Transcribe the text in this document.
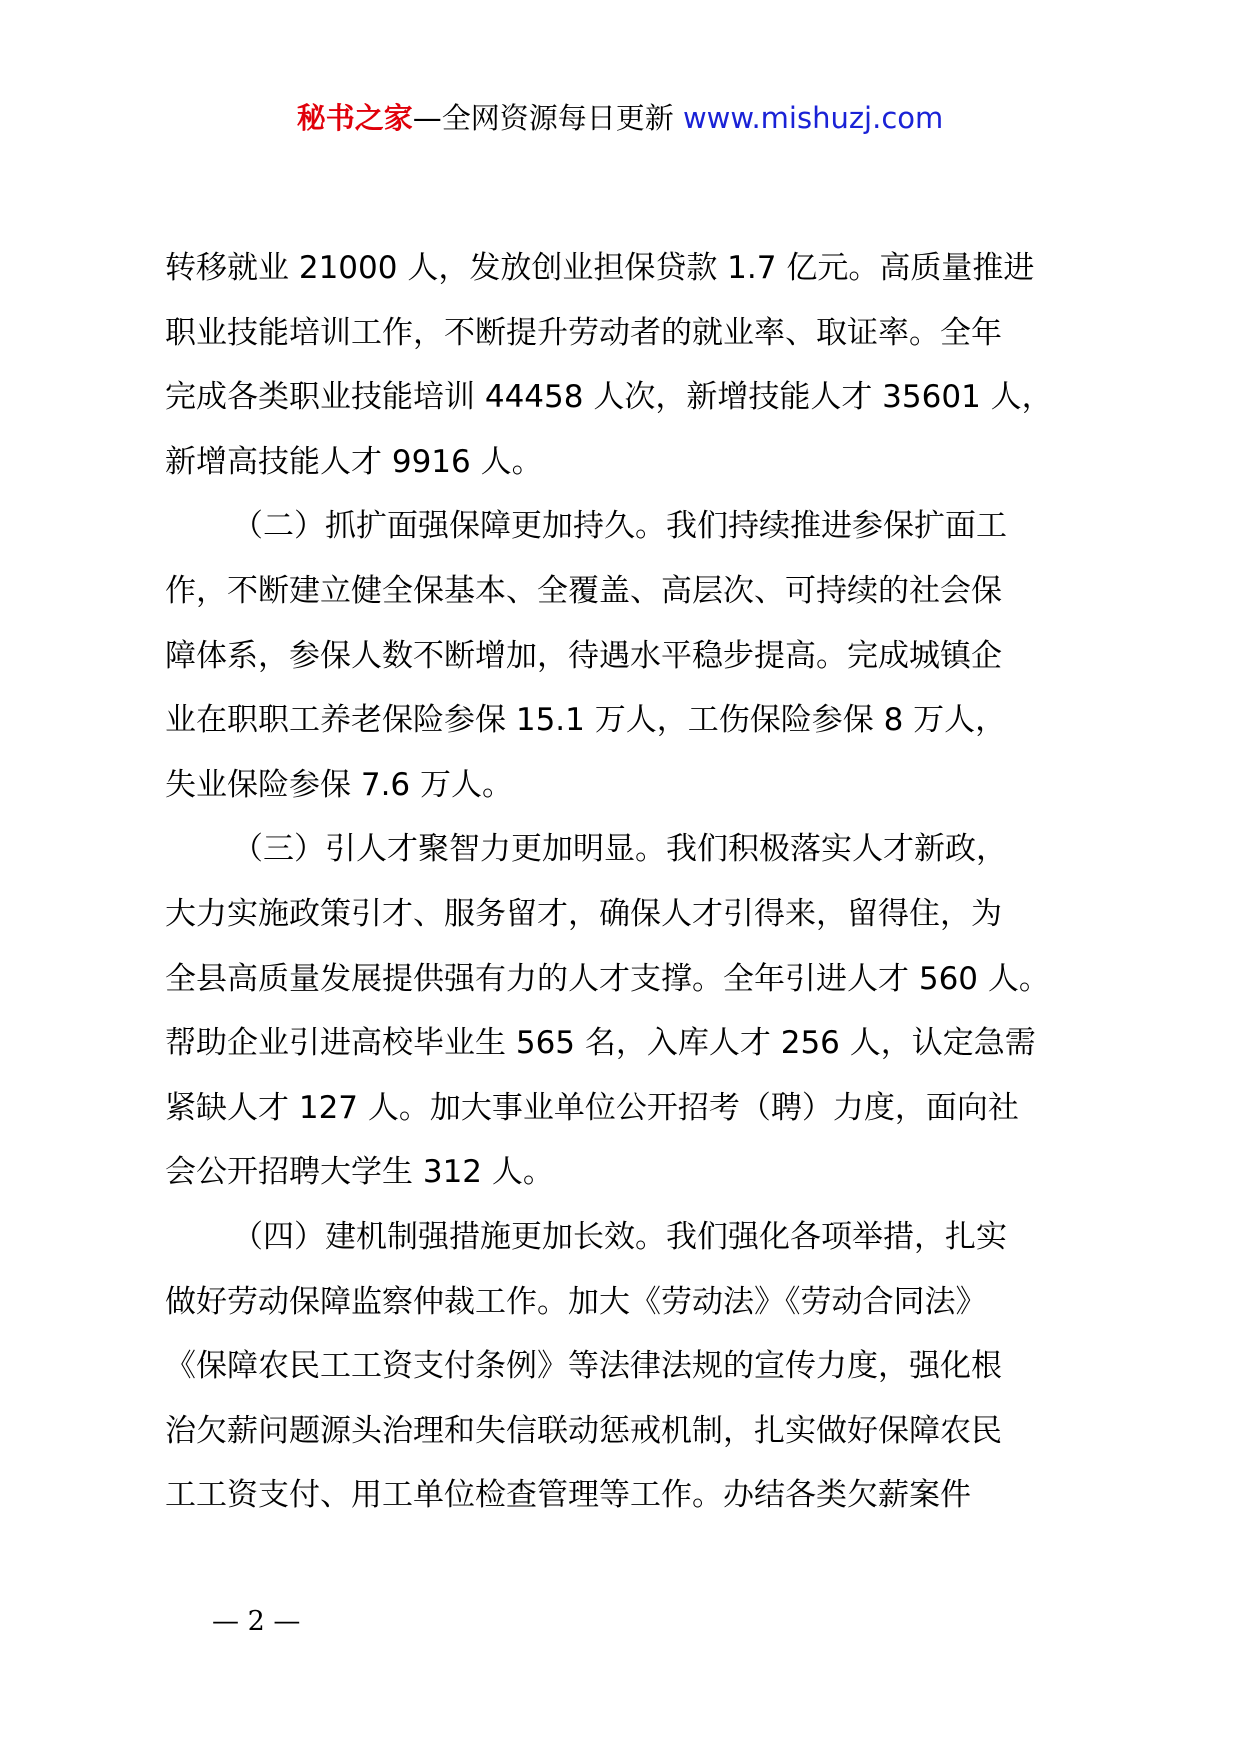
秘书之家—全网资源每日更新 www.mishuzj.com
转移就业 21000 人，发放创业担保贷款 1.7 亿元。高质量推进
职业技能培训工作，不断提升劳动者的就业率、取证率。全年
完成各类职业技能培训 44458 人次，新增技能人才 35601 人，
新增高技能人才 9916 人。
（二）抓扩面强保障更加持久。我们持续推进参保扩面工
作，不断建立健全保基本、全覆盖、高层次、可持续的社会保
障体系，参保人数不断增加，待遇水平稳步提高。完成城镇企
业在职职工养老保险参保 15.1 万人，工伤保险参保 8 万人，
失业保险参保 7.6 万人。
（三）引人才聚智力更加明显。我们积极落实人才新政，
大力实施政策引才、服务留才，确保人才引得来，留得住，为
全县高质量发展提供强有力的人才支撑。全年引进人才 560 人。
帮助企业引进高校毕业生 565 名，入库人才 256 人，认定急需
紧缺人才 127 人。加大事业单位公开招考（聘）力度，面向社
会公开招聘大学生 312 人。
（四）建机制强措施更加长效。我们强化各项举措，扎实
做好劳动保障监察仲裁工作。加大《劳动法》《劳动合同法》
《保障农民工工资支付条例》等法律法规的宣传力度，强化根
治欠薪问题源头治理和失信联动惩戒机制，扎实做好保障农民
工工资支付、用工单位检查管理等工作。办结各类欠薪案件
— 2 —
